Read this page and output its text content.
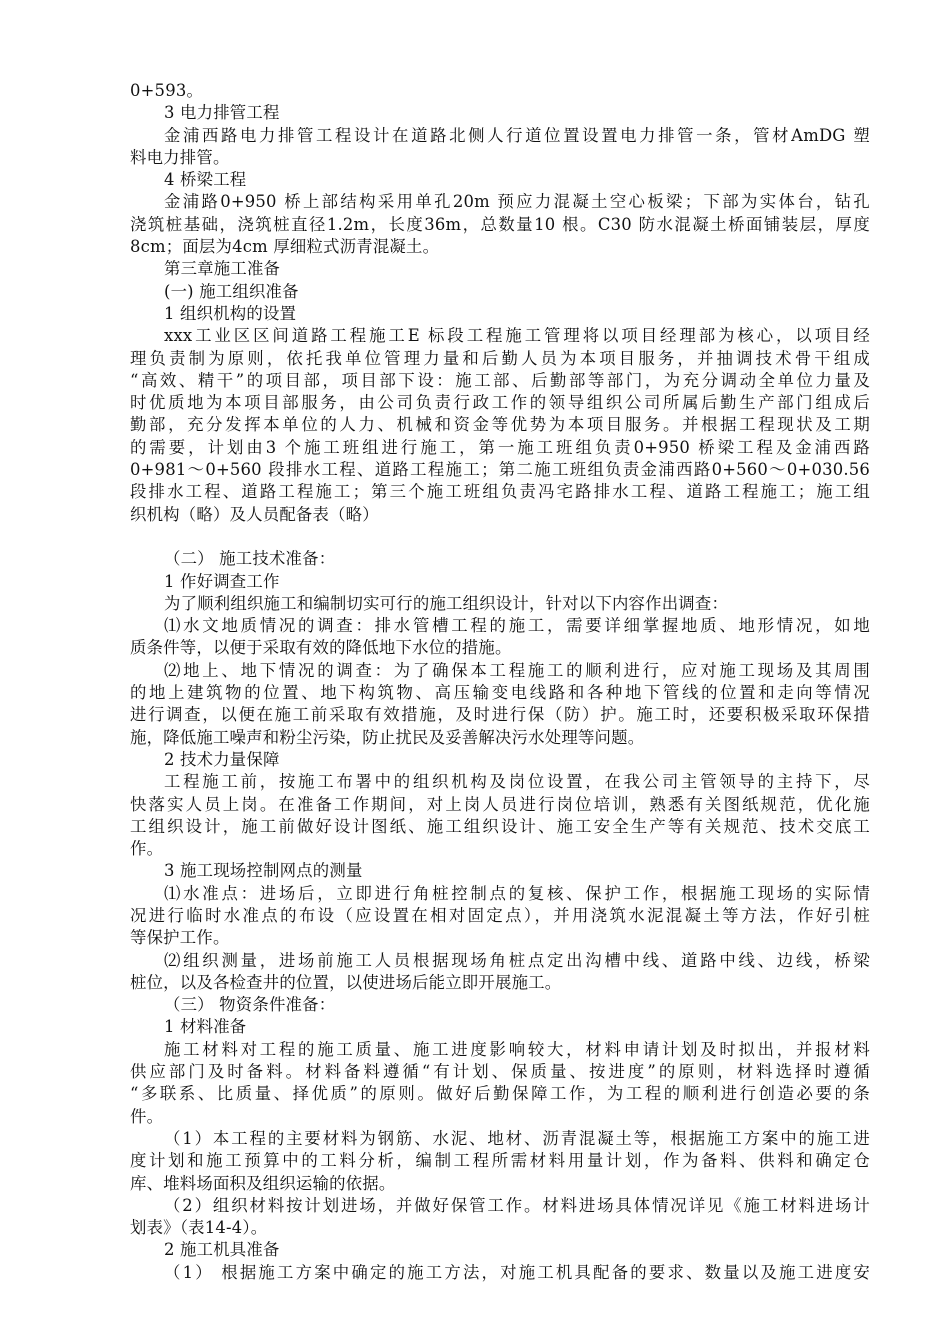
0+593。
3 电力排管工程
金浦西路电力排管工程设计在道路北侧人行道位置设置电力排管一条，管材AmDG 塑
料电力排管。
4 桥梁工程
金浦路0+950 桥上部结构采用单孔20m 预应力混凝土空心板梁；下部为实体台，钻孔
浇筑桩基础，浇筑桩直径1.2m，长度36m，总数量10 根。C30 防水混凝土桥面铺装层，厚度
8cm；面层为4cm 厚细粒式沥青混凝土。
第三章施工准备
(一) 施工组织准备
1 组织机构的设置
xxx工业区区间道路工程施工E 标段工程施工管理将以项目经理部为核心，以项目经
理负责制为原则，依托我单位管理力量和后勤人员为本项目服务，并抽调技术骨干组成
“高效、精干”的项目部，项目部下设：施工部、后勤部等部门，为充分调动全单位力量及
时优质地为本项目部服务，由公司负责行政工作的领导组织公司所属后勤生产部门组成后
勤部，充分发挥本单位的人力、机械和资金等优势为本项目服务。并根据工程现状及工期
的需要，计划由3 个施工班组进行施工，第一施工班组负责0+950 桥梁工程及金浦西路
0+981～0+560 段排水工程、道路工程施工；第二施工班组负责金浦西路0+560～0+030.56
段排水工程、道路工程施工；第三个施工班组负责冯宅路排水工程、道路工程施工；施工组
织机构（略）及人员配备表（略）
（二） 施工技术准备：
1 作好调查工作
为了顺利组织施工和编制切实可行的施工组织设计，针对以下内容作出调查：
⑴水文地质情况的调查：排水管槽工程的施工，需要详细掌握地质、地形情况，如地
质条件等，以便于采取有效的降低地下水位的措施。
⑵地上、地下情况的调查：为了确保本工程施工的顺利进行，应对施工现场及其周围
的地上建筑物的位置、地下构筑物、高压输变电线路和各种地下管线的位置和走向等情况
进行调查，以便在施工前采取有效措施，及时进行保（防）护。施工时，还要积极采取环保措
施，降低施工噪声和粉尘污染，防止扰民及妥善解决污水处理等问题。
2 技术力量保障
工程施工前，按施工布署中的组织机构及岗位设置，在我公司主管领导的主持下，尽
快落实人员上岗。在准备工作期间，对上岗人员进行岗位培训，熟悉有关图纸规范，优化施
工组织设计，施工前做好设计图纸、施工组织设计、施工安全生产等有关规范、技术交底工
作。
3 施工现场控制网点的测量
⑴水准点：进场后，立即进行角桩控制点的复核、保护工作，根据施工现场的实际情
况进行临时水准点的布设（应设置在相对固定点），并用浇筑水泥混凝土等方法，作好引桩
等保护工作。
⑵组织测量，进场前施工人员根据现场角桩点定出沟槽中线、道路中线、边线，桥梁
桩位，以及各检查井的位置，以使进场后能立即开展施工。
（三） 物资条件准备：
1 材料准备
施工材料对工程的施工质量、施工进度影响较大，材料申请计划及时拟出，并报材料
供应部门及时备料。材料备料遵循“有计划、保质量、按进度”的原则，材料选择时遵循
“多联系、比质量、择优质”的原则。做好后勤保障工作，为工程的顺利进行创造必要的条
件。
（1）本工程的主要材料为钢筋、水泥、地材、沥青混凝土等，根据施工方案中的施工进
度计划和施工预算中的工料分析，编制工程所需材料用量计划，作为备料、供料和确定仓
库、堆料场面积及组织运输的依据。
（2）组织材料按计划进场，并做好保管工作。材料进场具体情况详见《施工材料进场计
划表》（表14-4）。
2 施工机具准备
（1） 根据施工方案中确定的施工方法，对施工机具配备的要求、数量以及施工进度安
